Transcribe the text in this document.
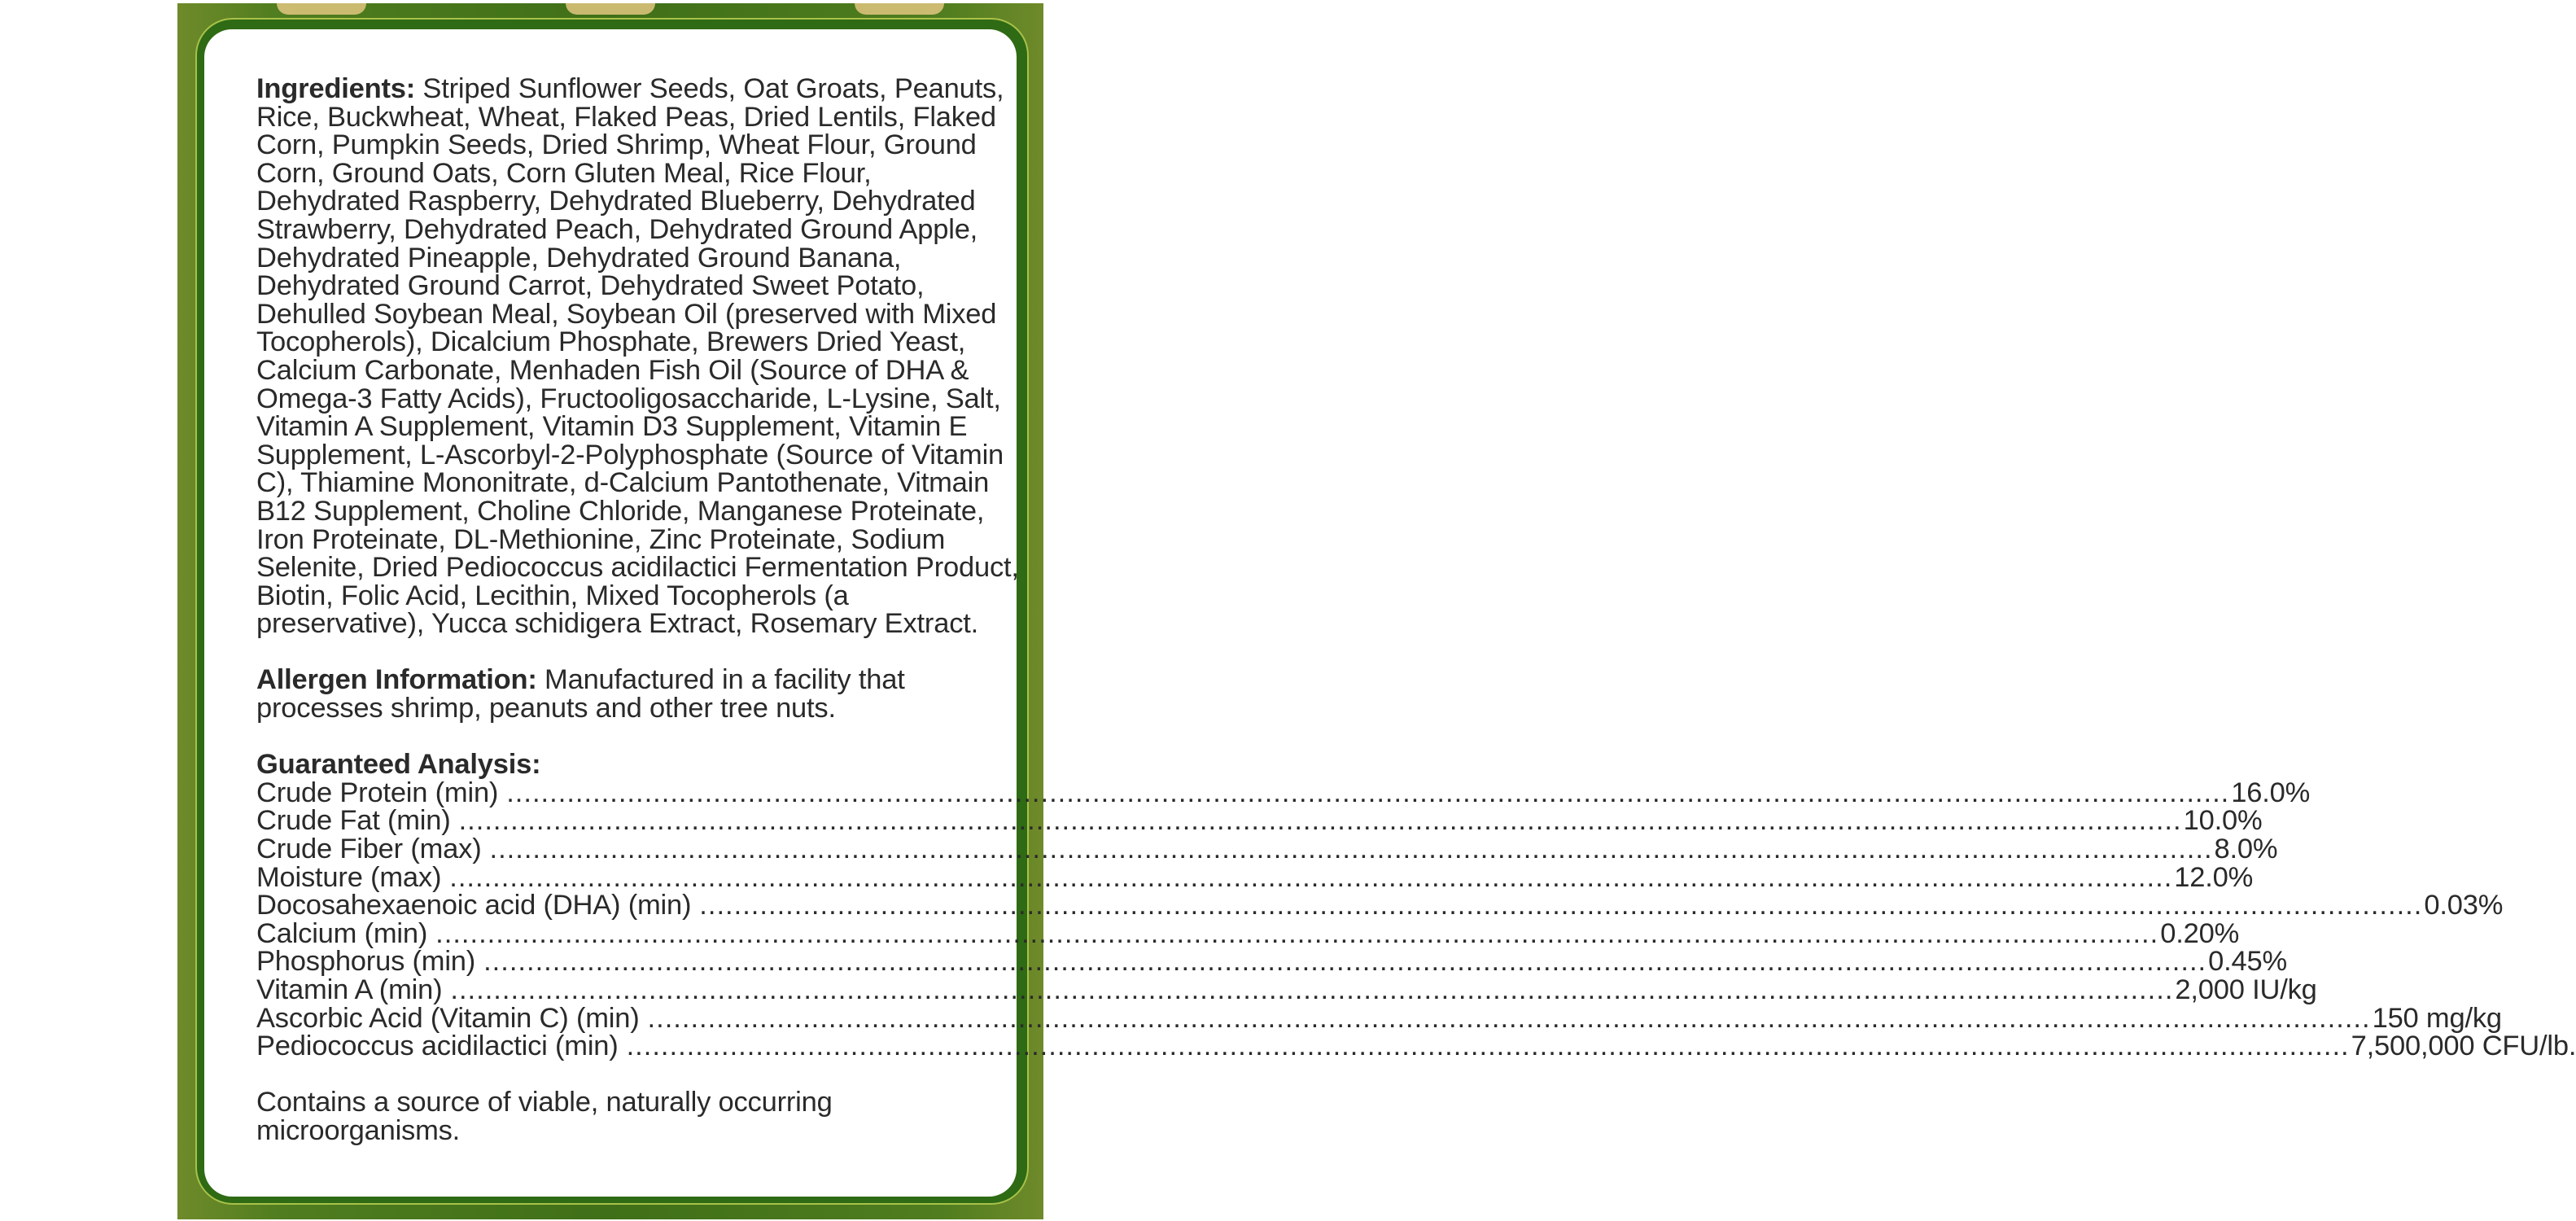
Ingredients: Striped Sunflower Seeds, Oat Groats, Peanuts, Rice, Buckwheat, Wheat, Flaked Peas, Dried Lentils, Flaked Corn, Pumpkin Seeds, Dried Shrimp, Wheat Flour, Ground Corn, Ground Oats, Corn Gluten Meal, Rice Flour, Dehydrated Raspberry, Dehydrated Blueberry, Dehydrated Strawberry, Dehydrated Peach, Dehydrated Ground Apple, Dehydrated Pineapple, Dehydrated Ground Banana, Dehydrated Ground Carrot, Dehydrated Sweet Potato, Dehulled Soybean Meal, Soybean Oil (preserved with Mixed Tocopherols), Dicalcium Phosphate, Brewers Dried Yeast, Calcium Carbonate, Menhaden Fish Oil (Source of DHA & Omega-3 Fatty Acids), Fructooligosaccharide, L-Lysine, Salt, Vitamin A Supplement, Vitamin D3 Supplement, Vitamin E Supplement, L-Ascorbyl-2-Polyphosphate (Source of Vitamin C), Thiamine Mononitrate, d-Calcium Pantothenate, Vitmain B12 Supplement, Choline Chloride, Manganese Proteinate, Iron Proteinate, DL-Methionine, Zinc Proteinate, Sodium Selenite, Dried Pediococcus acidilactici Fermentation Product, Biotin, Folic Acid, Lecithin, Mixed Tocopherols (a preservative), Yucca schidigera Extract, Rosemary Extract.

Allergen Information: Manufactured in a facility that processes shrimp, peanuts and other tree nuts.

Guaranteed Analysis:

Crude Protein (min) ........................................................................................................................................................................................................ 16.0%
Crude Fat (min) ........................................................................................................................................................................................................ 10.0%
Crude Fiber (max) ........................................................................................................................................................................................................ 8.0%
Moisture (max) ........................................................................................................................................................................................................ 12.0%
Docosahexaenoic acid (DHA) (min) ........................................................................................................................................................................................................ 0.03%
Calcium (min) ........................................................................................................................................................................................................ 0.20%
Phosphorus (min) ........................................................................................................................................................................................................ 0.45%
Vitamin A (min) ........................................................................................................................................................................................................ 2,000 IU/kg
Ascorbic Acid (Vitamin C) (min) ........................................................................................................................................................................................................ 150 mg/kg
Pediococcus acidilactici (min) ........................................................................................................................................................................................................ 7,500,000 CFU/lb.

Contains a source of viable, naturally occurring microorganisms.
